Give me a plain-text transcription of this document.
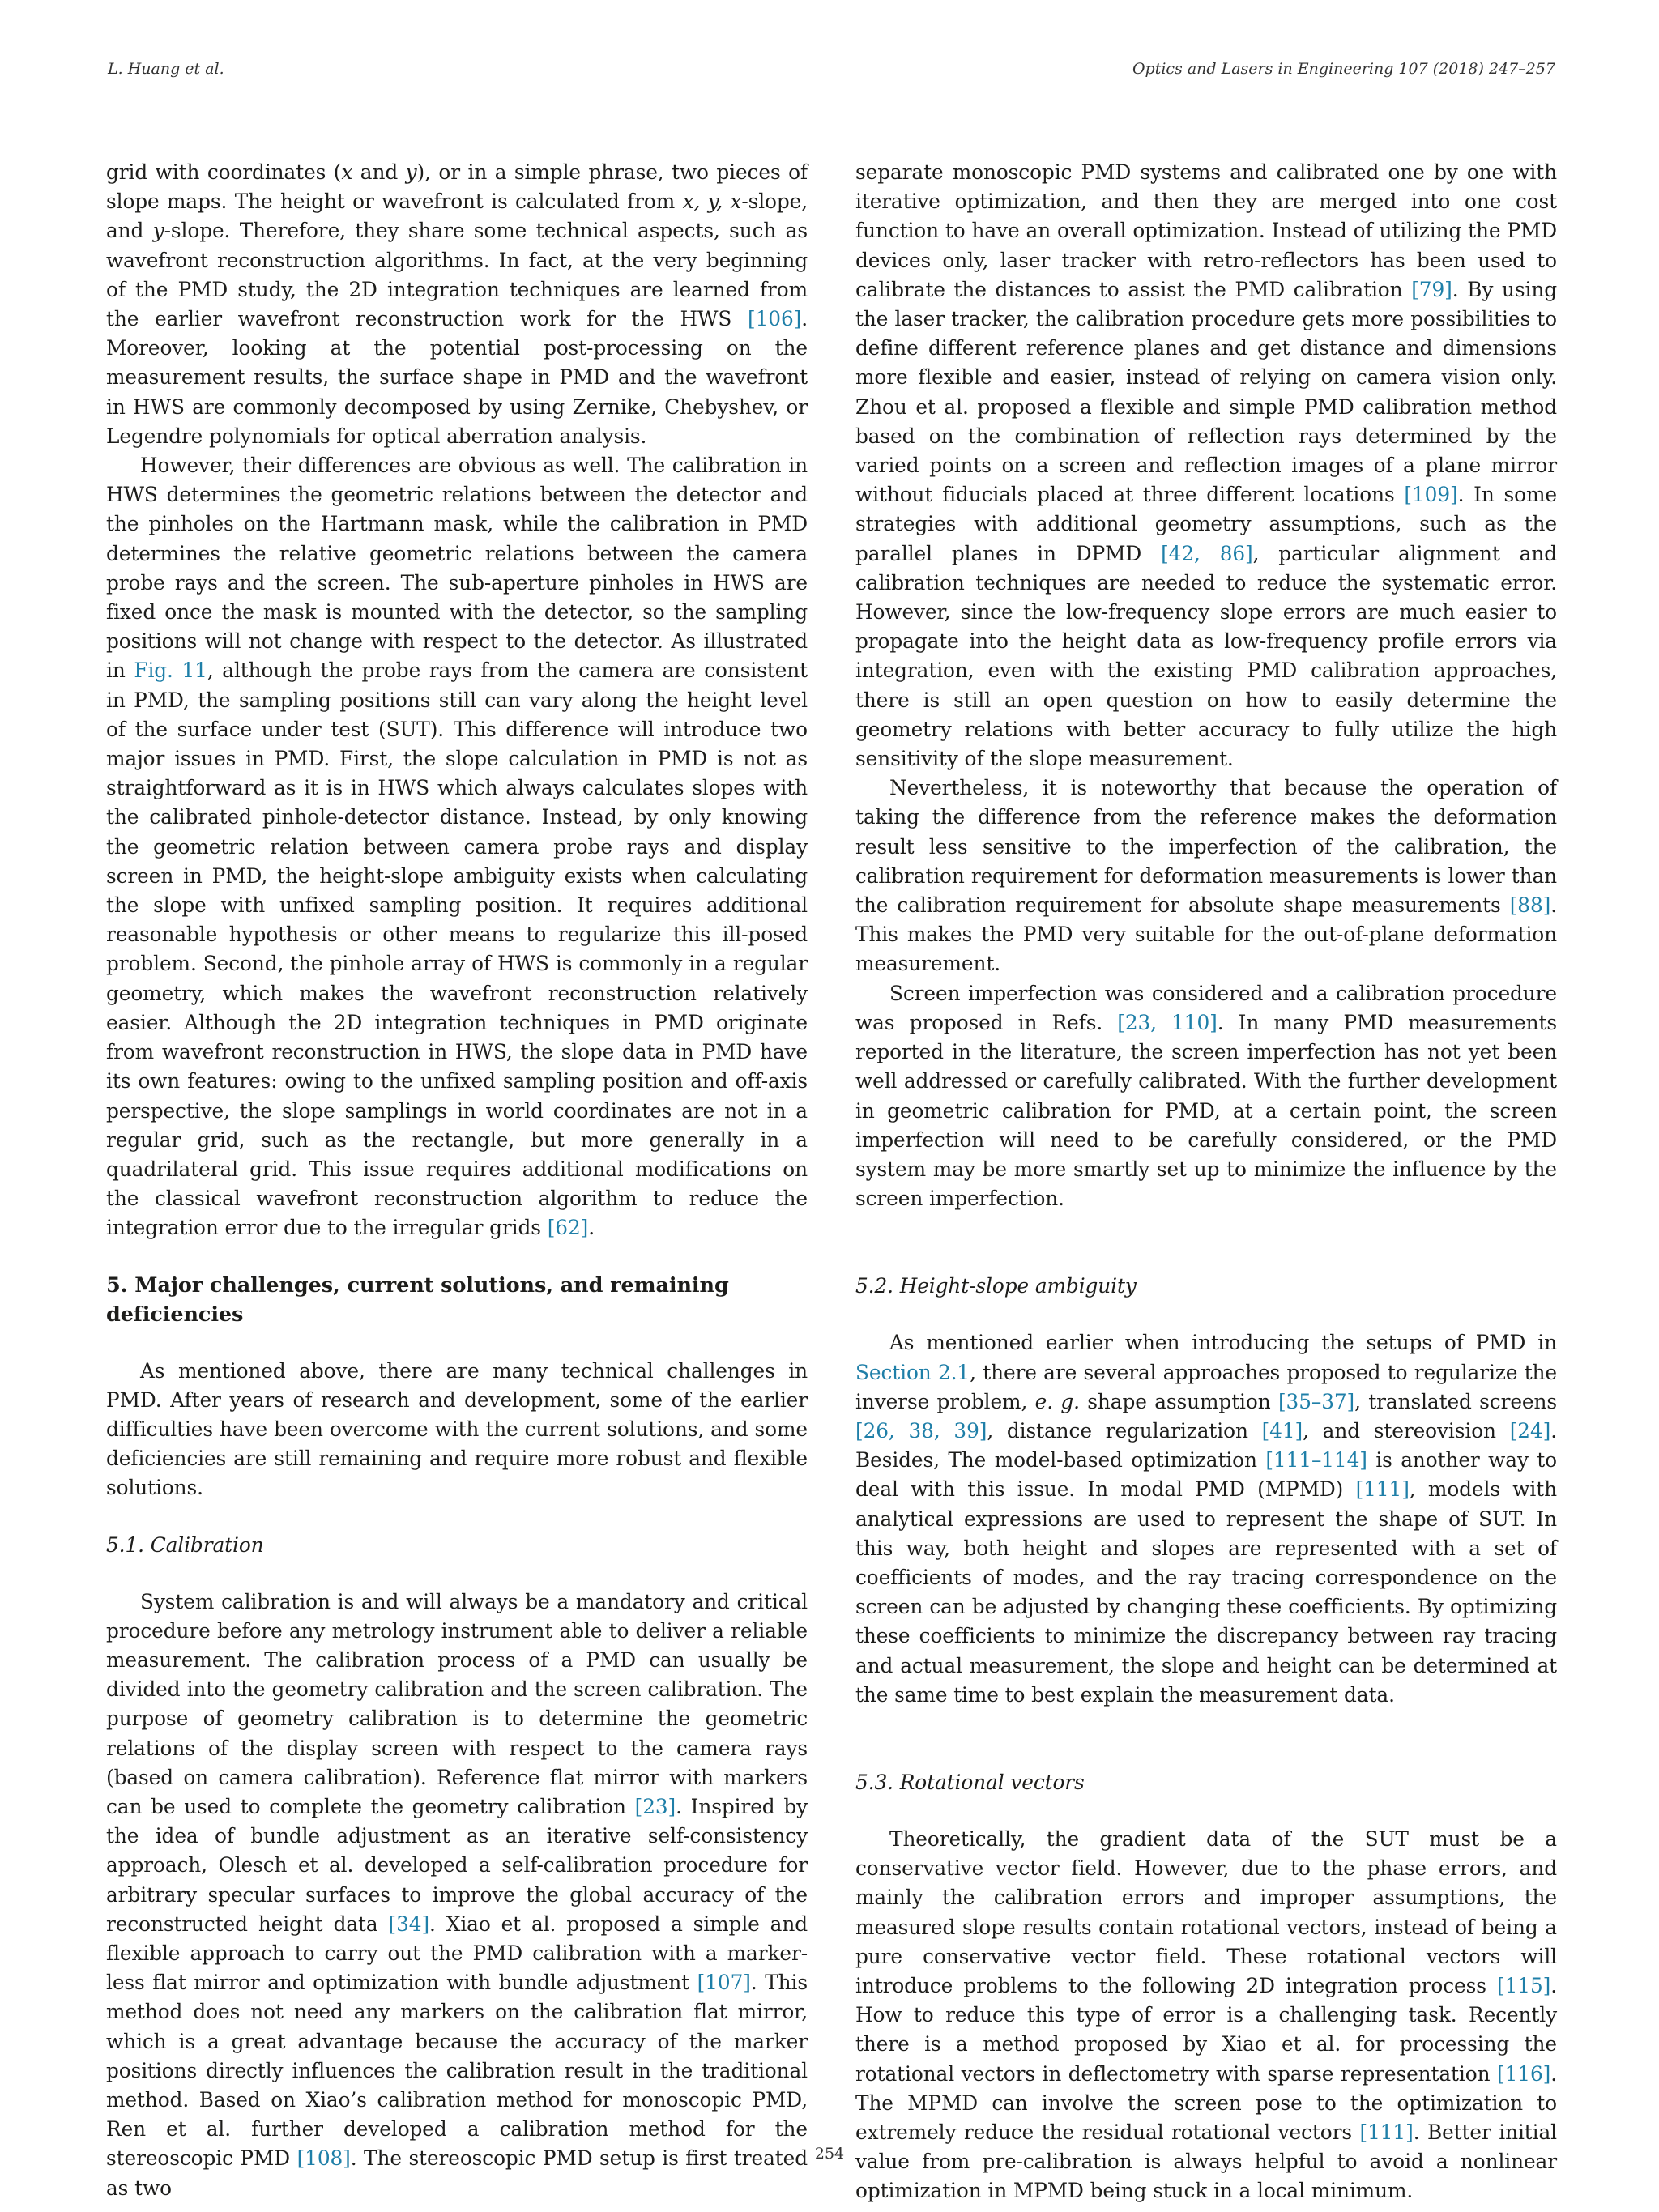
L. Huang et al.	Optics and Lasers in Engineering 107 (2018) 247–257

grid with coordinates (x and y), or in a simple phrase, two pieces of slope maps. The height or wavefront is calculated from x, y, x-slope, and y-slope. Therefore, they share some technical aspects, such as wavefront reconstruction algorithms. In fact, at the very beginning of the PMD study, the 2D integration techniques are learned from the earlier wavefront reconstruction work for the HWS [106]. Moreover, looking at the potential post-processing on the measurement results, the surface shape in PMD and the wavefront in HWS are commonly decomposed by using Zernike, Chebyshev, or Legendre polynomials for optical aberration analysis.

However, their differences are obvious as well. The calibration in HWS determines the geometric relations between the detector and the pinholes on the Hartmann mask, while the calibration in PMD determines the relative geometric relations between the camera probe rays and the screen. The sub-aperture pinholes in HWS are fixed once the mask is mounted with the detector, so the sampling positions will not change with respect to the detector. As illustrated in Fig. 11, although the probe rays from the camera are consistent in PMD, the sampling positions still can vary along the height level of the surface under test (SUT). This difference will introduce two major issues in PMD. First, the slope calculation in PMD is not as straightforward as it is in HWS which always calculates slopes with the calibrated pinhole-detector distance. Instead, by only knowing the geometric relation between camera probe rays and display screen in PMD, the height-slope ambiguity exists when calculating the slope with unfixed sampling position. It requires additional reasonable hypothesis or other means to regularize this ill-posed problem. Second, the pinhole array of HWS is commonly in a regular geometry, which makes the wavefront reconstruction relatively easier. Although the 2D integration techniques in PMD originate from wavefront reconstruction in HWS, the slope data in PMD have its own features: owing to the unfixed sampling position and off-axis perspective, the slope samplings in world coordinates are not in a regular grid, such as the rectangle, but more generally in a quadrilateral grid. This issue requires additional modifications on the classical wavefront reconstruction algorithm to reduce the integration error due to the irregular grids [62].

5. Major challenges, current solutions, and remaining deficiencies

As mentioned above, there are many technical challenges in PMD. After years of research and development, some of the earlier difficulties have been overcome with the current solutions, and some deficiencies are still remaining and require more robust and flexible solutions.

5.1. Calibration

System calibration is and will always be a mandatory and critical procedure before any metrology instrument able to deliver a reliable measurement. The calibration process of a PMD can usually be divided into the geometry calibration and the screen calibration. The purpose of geometry calibration is to determine the geometric relations of the display screen with respect to the camera rays (based on camera calibration). Reference flat mirror with markers can be used to complete the geometry calibration [23]. Inspired by the idea of bundle adjustment as an iterative self-consistency approach, Olesch et al. developed a self-calibration procedure for arbitrary specular surfaces to improve the global accuracy of the reconstructed height data [34]. Xiao et al. proposed a simple and flexible approach to carry out the PMD calibration with a marker-less flat mirror and optimization with bundle adjustment [107]. This method does not need any markers on the calibration flat mirror, which is a great advantage because the accuracy of the marker positions directly influences the calibration result in the traditional method. Based on Xiao’s calibration method for monoscopic PMD, Ren et al. further developed a calibration method for the stereoscopic PMD [108]. The stereoscopic PMD setup is first treated as two

separate monoscopic PMD systems and calibrated one by one with iterative optimization, and then they are merged into one cost function to have an overall optimization. Instead of utilizing the PMD devices only, laser tracker with retro-reflectors has been used to calibrate the distances to assist the PMD calibration [79]. By using the laser tracker, the calibration procedure gets more possibilities to define different reference planes and get distance and dimensions more flexible and easier, instead of relying on camera vision only. Zhou et al. proposed a flexible and simple PMD calibration method based on the combination of reflection rays determined by the varied points on a screen and reflection images of a plane mirror without fiducials placed at three different locations [109]. In some strategies with additional geometry assumptions, such as the parallel planes in DPMD [42, 86], particular alignment and calibration techniques are needed to reduce the systematic error. However, since the low-frequency slope errors are much easier to propagate into the height data as low-frequency profile errors via integration, even with the existing PMD calibration approaches, there is still an open question on how to easily determine the geometry relations with better accuracy to fully utilize the high sensitivity of the slope measurement.

Nevertheless, it is noteworthy that because the operation of taking the difference from the reference makes the deformation result less sensitive to the imperfection of the calibration, the calibration requirement for deformation measurements is lower than the calibration requirement for absolute shape measurements [88]. This makes the PMD very suitable for the out-of-plane deformation measurement.

Screen imperfection was considered and a calibration procedure was proposed in Refs. [23, 110]. In many PMD measurements reported in the literature, the screen imperfection has not yet been well addressed or carefully calibrated. With the further development in geometric calibration for PMD, at a certain point, the screen imperfection will need to be carefully considered, or the PMD system may be more smartly set up to minimize the influence by the screen imperfection.

5.2. Height-slope ambiguity

As mentioned earlier when introducing the setups of PMD in Section 2.1, there are several approaches proposed to regularize the inverse problem, e. g. shape assumption [35–37], translated screens [26, 38, 39], distance regularization [41], and stereovision [24]. Besides, The model-based optimization [111–114] is another way to deal with this issue. In modal PMD (MPMD) [111], models with analytical expressions are used to represent the shape of SUT. In this way, both height and slopes are represented with a set of coefficients of modes, and the ray tracing correspondence on the screen can be adjusted by changing these coefficients. By optimizing these coefficients to minimize the discrepancy between ray tracing and actual measurement, the slope and height can be determined at the same time to best explain the measurement data.

5.3. Rotational vectors

Theoretically, the gradient data of the SUT must be a conservative vector field. However, due to the phase errors, and mainly the calibration errors and improper assumptions, the measured slope results contain rotational vectors, instead of being a pure conservative vector field. These rotational vectors will introduce problems to the following 2D integration process [115]. How to reduce this type of error is a challenging task. Recently there is a method proposed by Xiao et al. for processing the rotational vectors in deflectometry with sparse representation [116]. The MPMD can involve the screen pose to the optimization to extremely reduce the residual rotational vectors [111]. Better initial value from pre-calibration is always helpful to avoid a nonlinear optimization in MPMD being stuck in a local minimum.

254
